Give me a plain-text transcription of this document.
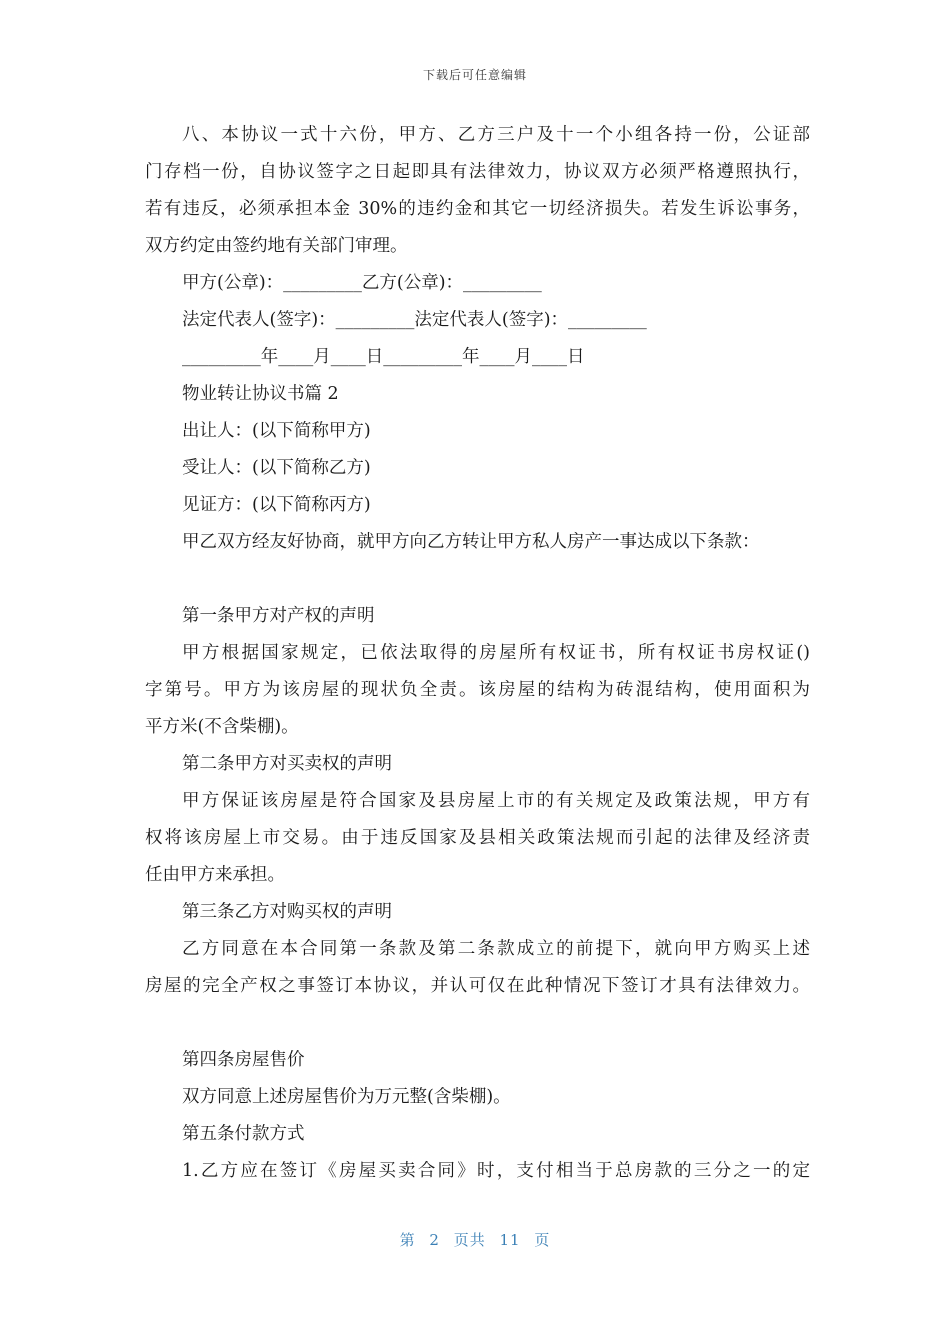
下载后可任意编辑
八、本协议一式十六份，甲方、乙方三户及十一个小组各持一份，公证部
门存档一份，自协议签字之日起即具有法律效力，协议双方必须严格遵照执行，
若有违反，必须承担本金 30%的违约金和其它一切经济损失。若发生诉讼事务，
双方约定由签约地有关部门审理。
甲方(公章)：_________乙方(公章)：_________
法定代表人(签字)：_________法定代表人(签字)：_________
_________年____月____日_________年____月____日
物业转让协议书篇 2
出让人：(以下简称甲方)
受让人：(以下简称乙方)
见证方：(以下简称丙方)
甲乙双方经友好协商，就甲方向乙方转让甲方私人房产一事达成以下条款：
第一条甲方对产权的声明
甲方根据国家规定，已依法取得的房屋所有权证书，所有权证书房权证()
字第号。甲方为该房屋的现状负全责。该房屋的结构为砖混结构，使用面积为
平方米(不含柴棚)。
第二条甲方对买卖权的声明
甲方保证该房屋是符合国家及县房屋上市的有关规定及政策法规，甲方有
权将该房屋上市交易。由于违反国家及县相关政策法规而引起的法律及经济责
任由甲方来承担。
第三条乙方对购买权的声明
乙方同意在本合同第一条款及第二条款成立的前提下，就向甲方购买上述
房屋的完全产权之事签订本协议，并认可仅在此种情况下签订才具有法律效力。
第四条房屋售价
双方同意上述房屋售价为万元整(含柴棚)。
第五条付款方式
1.乙方应在签订《房屋买卖合同》时，支付相当于总房款的三分之一的定
第 2 页共 11 页
